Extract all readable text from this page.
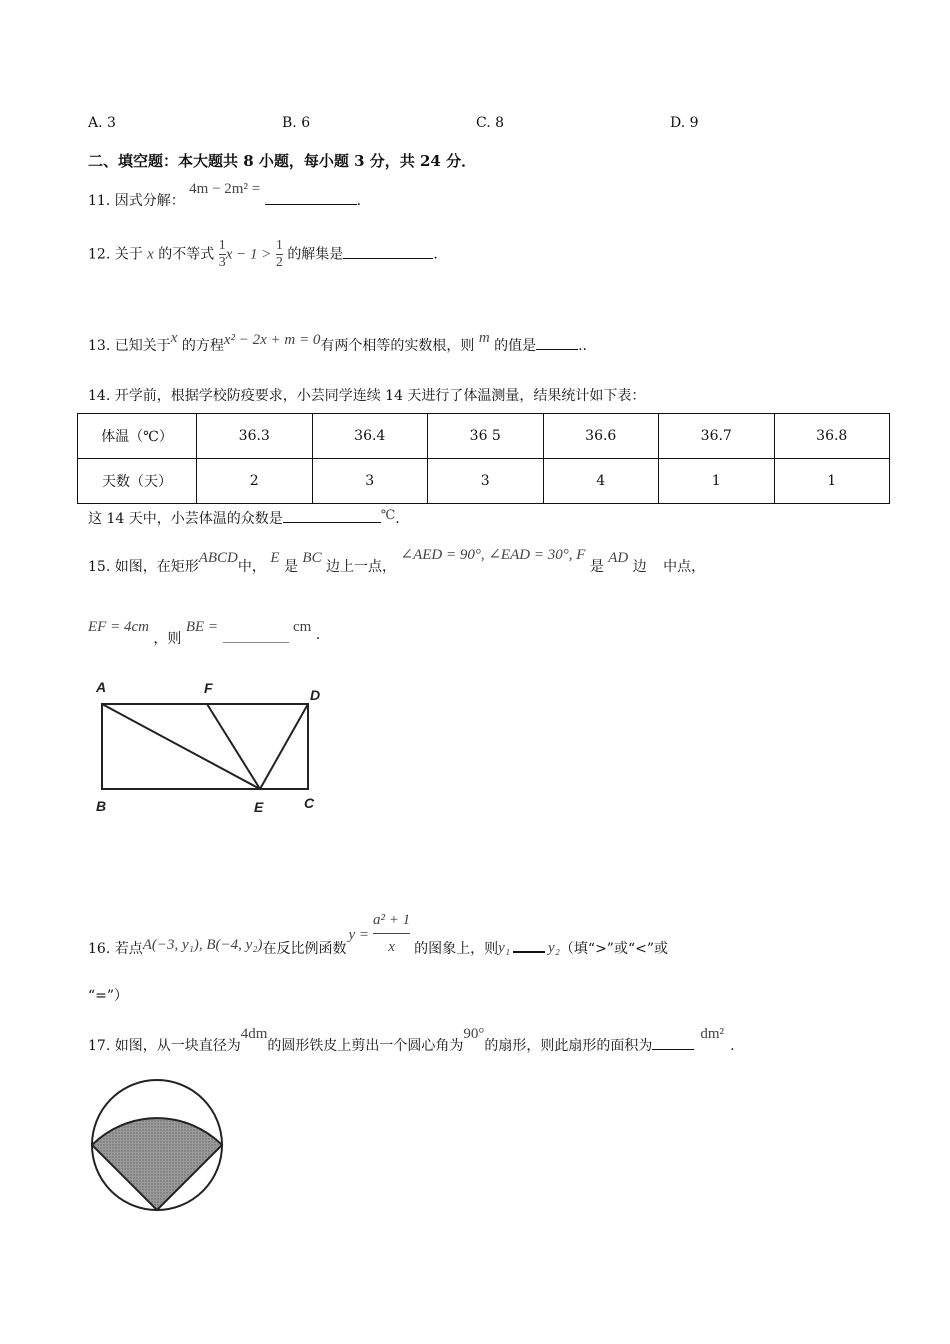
A. 3	B. 6	C. 8	D. 9
二、填空题：本大题共 8 小题，每小题 3 分，共 24 分．
11. 因式分解： 4m − 2m² = .
12. 关于 x 的不等式 $\frac{1}{3}$ $x - 1 > \frac{1}{2}$ 的解集是	.
13. 已知关于x 的方程x² − 2x + m = 0有两个相等的实数根，则 m 的值是	..
14. 开学前，根据学校防疫要求，小芸同学连续 14 天进行了体温测量，结果统计如下表：
体温（℃）	36.3	36.4	36 5	36.6	36.7	36.8
天数（天）	2	3	3	4	1	1
这 14 天中，小芸体温的众数是	℃.
15. 如图，在矩形ABCD中， E 是 BC 边上一点， ∠AED = 90°, ∠EAD = 30°, F 是 AD 边 中点，
EF = 4cm ，则 BE =	cm .
A	F	D
B	E	C
16. 若点 A(−3, y₁), B(−4, y₂) 在反比例函数
$y = \frac{\text{a² + 1}}{x}$ 的图象上，则 y₁	y₂ （填“>”或“<”或
“=”）
17. 如图，从一块直径为4dm的圆形铁皮上剪出一个圆心角为90°的扇形，则此扇形的面积为dm².
